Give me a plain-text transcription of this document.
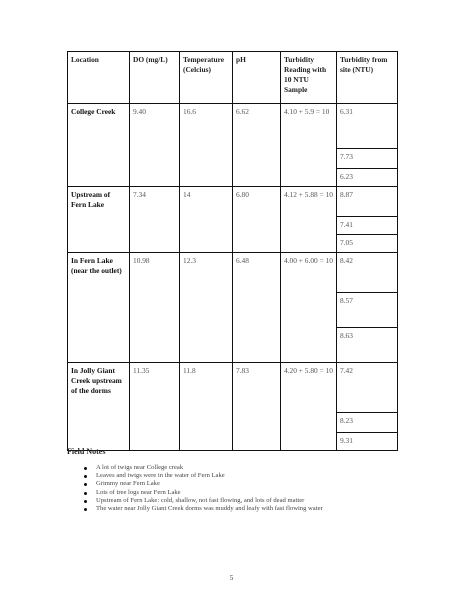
Location	DO (mg/L)	Temperature (Celcius)	pH	Turbidity Reading with 10 NTU Sample	Turbidity from site (NTU)
College Creek	9.40	16.6	6.62	4.10 + 5.9 = 10	6.31
					7.73
					6.23
Upstream of Fern Lake	7.34	14	6.80	4.12 + 5.88 = 10	8.87
					7.41
					7.05
In Fern Lake (near the outlet)	10.98	12.3	6.48	4.00 + 6.00 = 10	8.42
					8.57
					8.63
In Jolly Giant Creek upstream of the dorms	11.35	11.8	7.83	4.20 + 5.80 = 10	7.42
					8.23
					9.31

Field Notes

A lot of twigs near College creak
Leaves and twigs were in the water of Fern Lake
Grimmy near Fern Lake
Lots of tree logs near Fern Lake
Upstream of Fern Lake: cold, shallow, not fast flowing, and lots of dead matter
The water near Jolly Giant Creek dorms was muddy and leafy with fast flowing water
5
